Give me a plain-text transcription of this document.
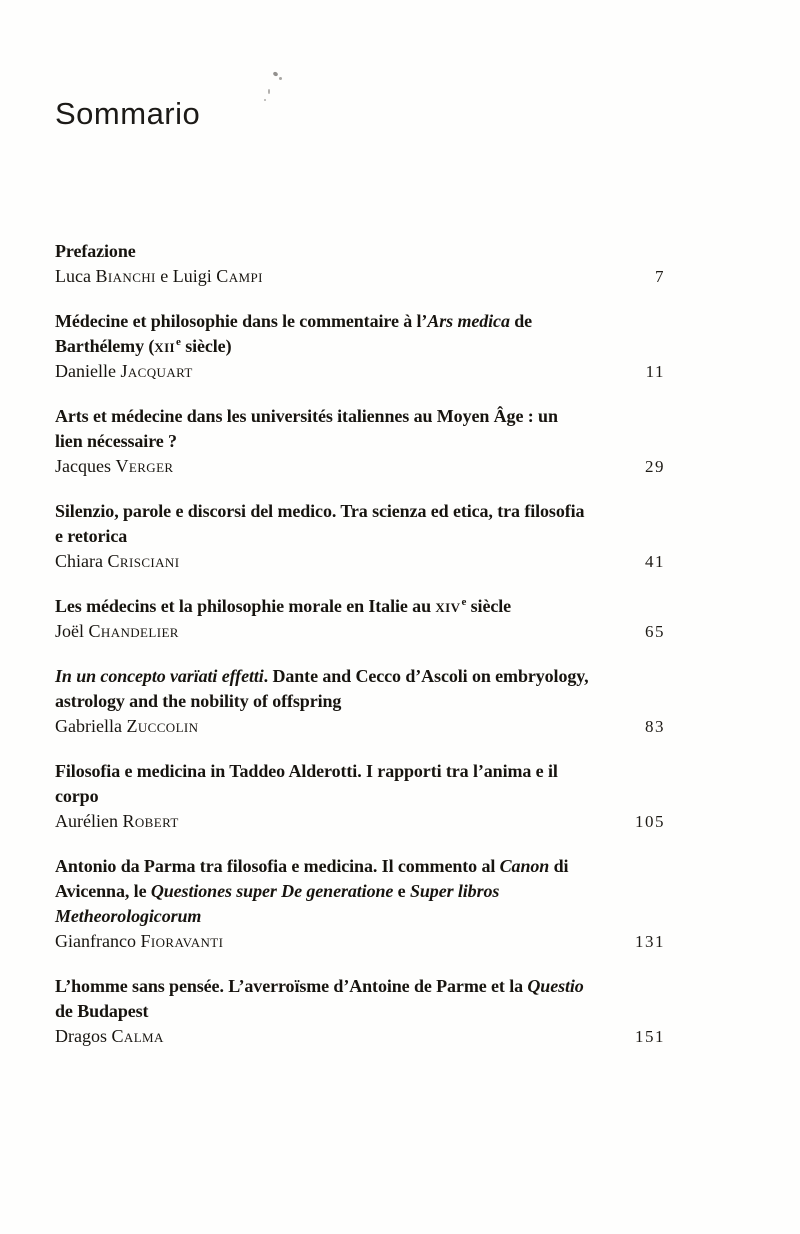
Sommario
Prefazione
Luca Bianchi e Luigi Campi	7
Médecine et philosophie dans le commentaire à l’Ars medica de
Barthélemy (xii$^e$ siècle)
Danielle Jacquart	11
Arts et médecine dans les universités italiennes au Moyen Âge : un
lien nécessaire ?
Jacques Verger	29
Silenzio, parole e discorsi del medico. Tra scienza ed etica, tra filosofia
e retorica
Chiara Crisciani	41
Les médecins et la philosophie morale en Italie au xiv$^e$ siècle
Joël Chandelier	65
In un concepto varïati effetti. Dante and Cecco d’Ascoli on embryology,
astrology and the nobility of offspring
Gabriella Zuccolin	83
Filosofia e medicina in Taddeo Alderotti. I rapporti tra l’anima e il
corpo
Aurélien Robert	105
Antonio da Parma tra filosofia e medicina. Il commento al Canon di
Avicenna, le Questiones super De generatione e Super libros
Metheorologicorum
Gianfranco Fioravanti	131
L’homme sans pensée. L’averroïsme d’Antoine de Parme et la Questio
de Budapest
Dragos Calma	151
